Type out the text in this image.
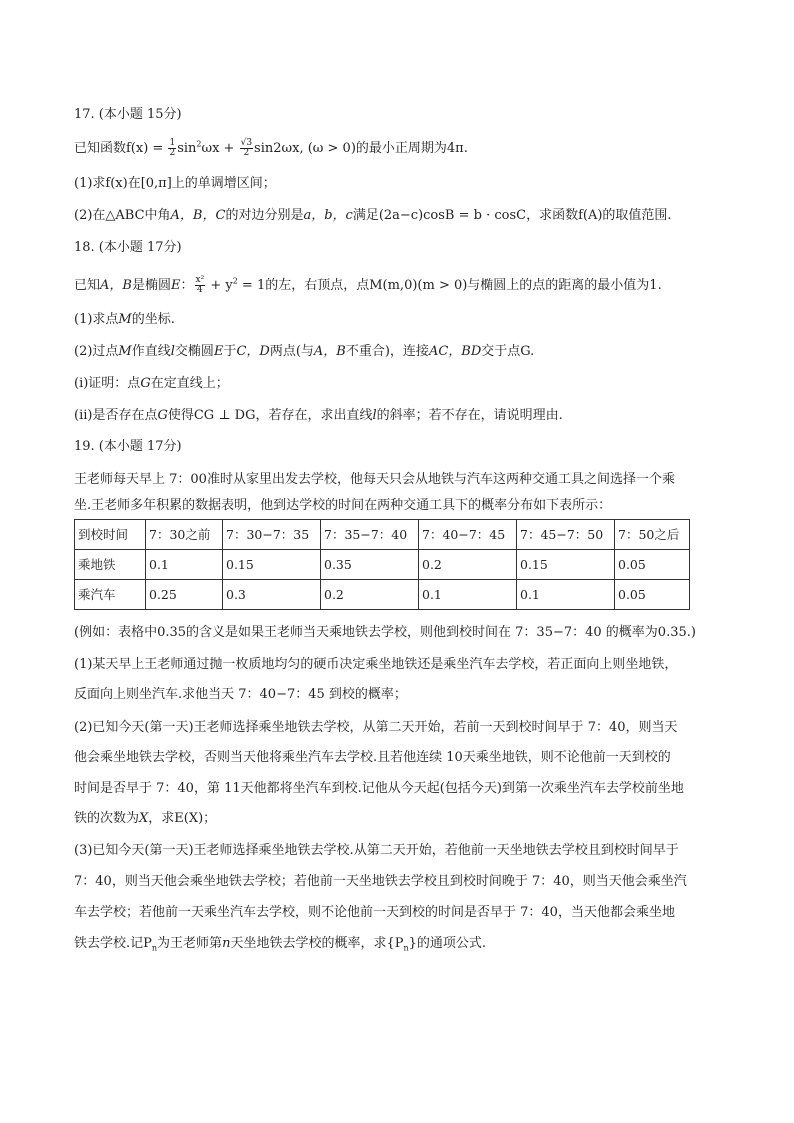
17. (本小题 15分)
已知函数$f(x) = \frac{1}{2} \sin^2\omega x + \frac{√3}{2} \sin 2\omega x$, (ω > 0)的最小正周期为4π.
(1)求f(x)在[0,π]上的单调增区间；
(2)在△ABC中角A，B，C的对边分别是a，b，c满足(2a−c)cosB = b · cosC，求函数f(A)的取值范围.
18. (本小题 17分)
已知A，B是椭圆E： $\frac{\text{x²}}{4} + y^2 = 1$的左，右顶点，点M(m,0)(m > 0)与椭圆上的点的距离的最小值为1.
(1)求点M的坐标.
(2)过点M作直线l交椭圆E于C，D两点(与A，B不重合)，连接AC，BD交于点G.
(ⅰ)证明：点G在定直线上；
(ⅱ)是否存在点G使得CG ⊥ DG，若存在，求出直线l的斜率；若不存在，请说明理由.
19. (本小题 17分)
王老师每天早上 7：00准时从家里出发去学校，他每天只会从地铁与汽车这两种交通工具之间选择一个乘
坐.王老师多年积累的数据表明，他到达学校的时间在两种交通工具下的概率分布如下表所示：
到校时间	7：30之前	7：30−7：35	7：35−7：40	7：40−7：45	7：45−7：50	7：50之后
乘地铁	0.1	0.15	0.35	0.2	0.15	0.05
乘汽车	0.25	0.3	0.2	0.1	0.1	0.05
(例如：表格中0.35的含义是如果王老师当天乘地铁去学校，则他到校时间在 7：35−7：40 的概率为0.35.)
(1)某天早上王老师通过抛一枚质地均匀的硬币决定乘坐地铁还是乘坐汽车去学校，若正面向上则坐地铁，
反面向上则坐汽车.求他当天 7：40−7：45 到校的概率；
(2)已知今天(第一天)王老师选择乘坐地铁去学校，从第二天开始，若前一天到校时间早于 7：40，则当天
他会乘坐地铁去学校，否则当天他将乘坐汽车去学校.且若他连续 10天乘坐地铁，则不论他前一天到校的
时间是否早于 7：40，第 11天他都将坐汽车到校.记他从今天起(包括今天)到第一次乘坐汽车去学校前坐地
铁的次数为X，求E(X)；
(3)已知今天(第一天)王老师选择乘坐地铁去学校.从第二天开始，若他前一天坐地铁去学校且到校时间早于
7：40，则当天他会乘坐地铁去学校；若他前一天坐地铁去学校且到校时间晚于 7：40，则当天他会乘坐汽
车去学校；若他前一天乘坐汽车去学校，则不论他前一天到校的时间是否早于 7：40，当天他都会乘坐地
铁去学校.记$P_n$为王老师第n天坐地铁去学校的概率，求$\{P_n\}$的通项公式.
